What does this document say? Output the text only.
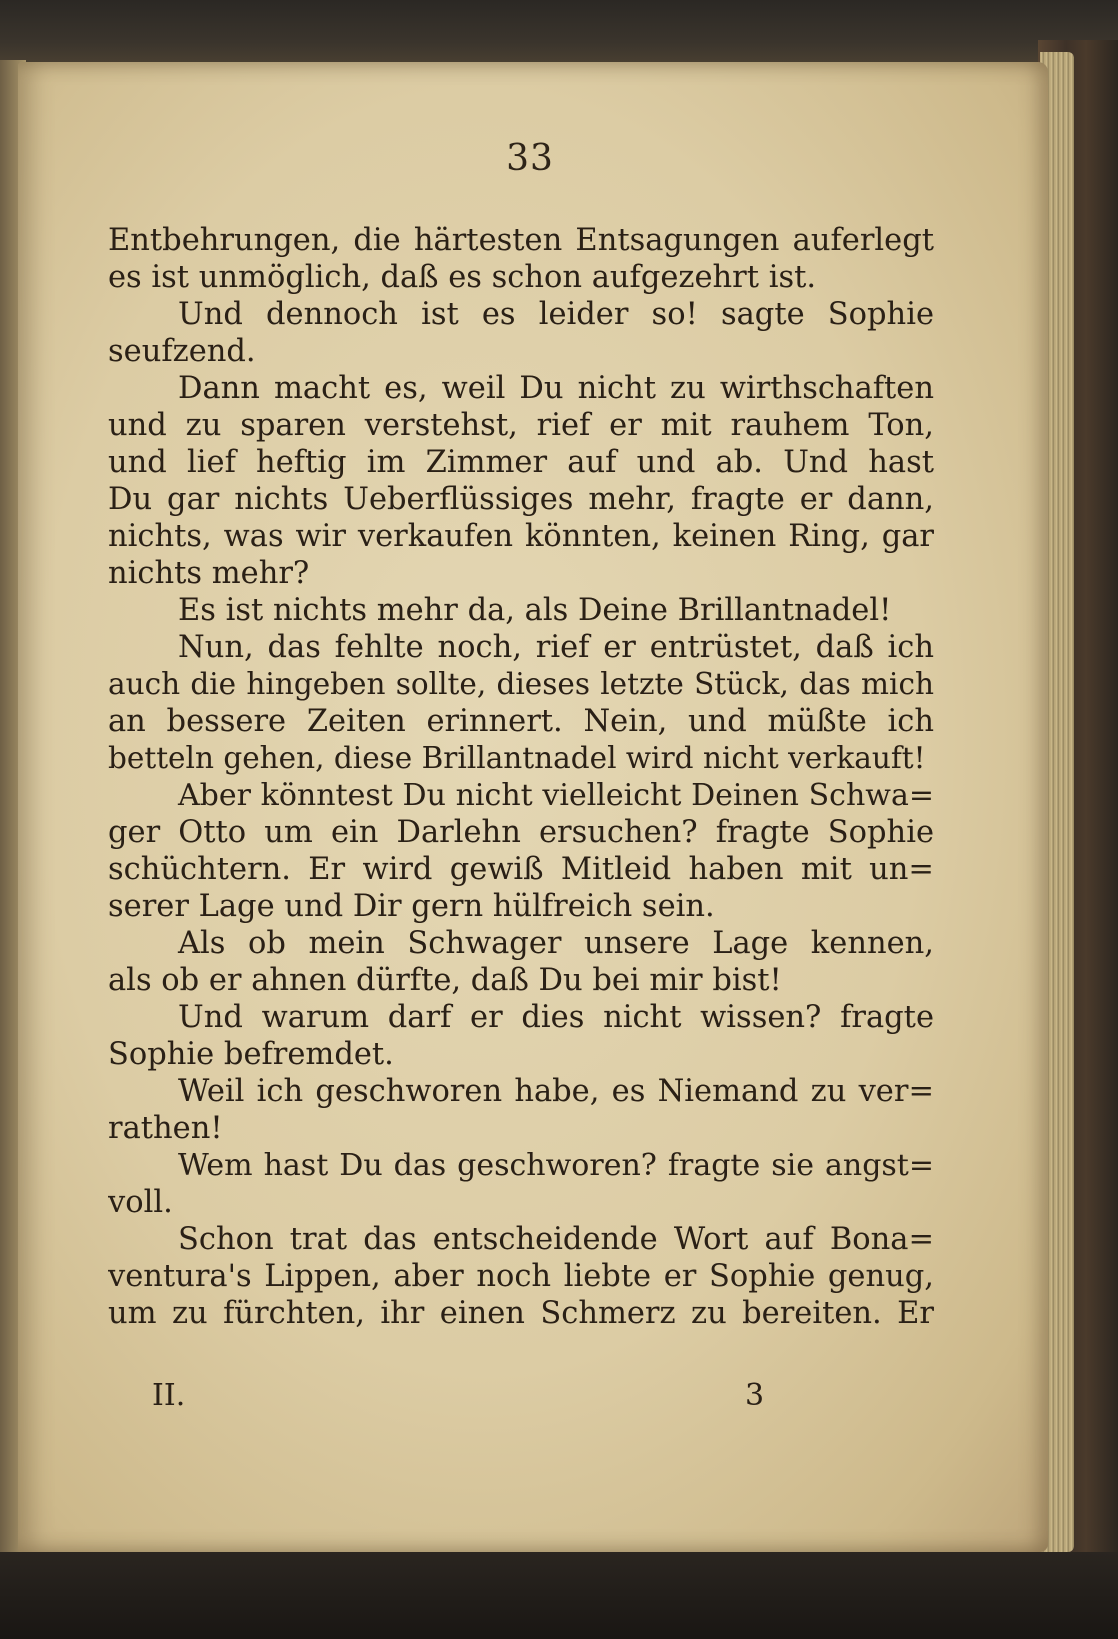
33
Entbehrungen, die härtesten Entsagungen auferlegt
es ist unmöglich, daß es schon aufgezehrt ist.
Und dennoch ist es leider so! sagte Sophie
seufzend.
Dann macht es, weil Du nicht zu wirthschaften
und zu sparen verstehst, rief er mit rauhem Ton,
und lief heftig im Zimmer auf und ab. Und hast
Du gar nichts Ueberflüssiges mehr, fragte er dann,
nichts, was wir verkaufen könnten, keinen Ring, gar
nichts mehr?
Es ist nichts mehr da, als Deine Brillantnadel!
Nun, das fehlte noch, rief er entrüstet, daß ich
auch die hingeben sollte, dieses letzte Stück, das mich
an bessere Zeiten erinnert. Nein, und müßte ich
betteln gehen, diese Brillantnadel wird nicht verkauft!
Aber könntest Du nicht vielleicht Deinen Schwa=
ger Otto um ein Darlehn ersuchen? fragte Sophie
schüchtern. Er wird gewiß Mitleid haben mit un=
serer Lage und Dir gern hülfreich sein.
Als ob mein Schwager unsere Lage kennen,
als ob er ahnen dürfte, daß Du bei mir bist!
Und warum darf er dies nicht wissen? fragte
Sophie befremdet.
Weil ich geschworen habe, es Niemand zu ver=
rathen!
Wem hast Du das geschworen? fragte sie angst=
voll.
Schon trat das entscheidende Wort auf Bona=
ventura's Lippen, aber noch liebte er Sophie genug,
um zu fürchten, ihr einen Schmerz zu bereiten. Er
II.	3
